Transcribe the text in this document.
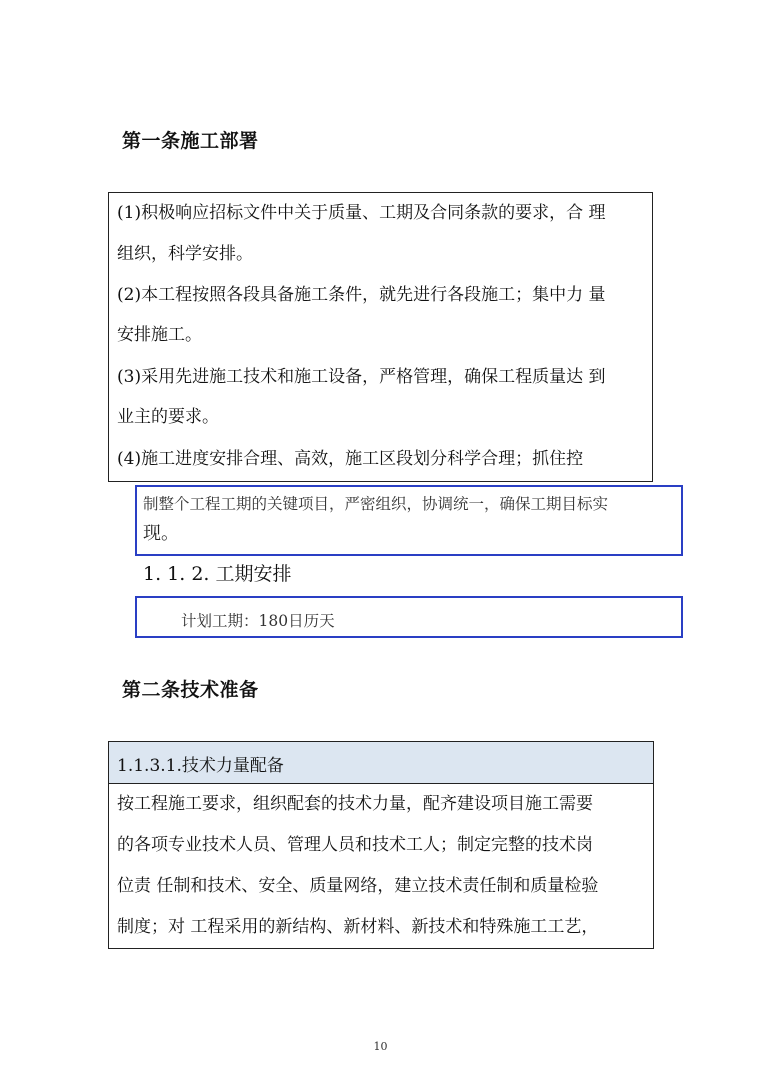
第一条施工部署
(1)积极响应招标文件中关于质量、工期及合同条款的要求，合 理
组织，科学安排。
(2)本工程按照各段具备施工条件，就先进行各段施工；集中力 量
安排施工。
(3)采用先进施工技术和施工设备，严格管理，确保工程质量达 到
业主的要求。
(4)施工进度安排合理、高效，施工区段划分科学合理；抓住控
制整个工程工期的关键项目，严密组织，协调统一，确保工期目标实
现。
1. 1. 2. 工期安排
计划工期：180日历天
第二条技术准备
1.1.3.1.技术力量配备
按工程施工要求，组织配套的技术力量，配齐建设项目施工需要
的各项专业技术人员、管理人员和技术工人；制定完整的技术岗
位责 任制和技术、安全、质量网络，建立技术责任制和质量检验
制度；对 工程采用的新结构、新材料、新技术和特殊施工工艺，
10
